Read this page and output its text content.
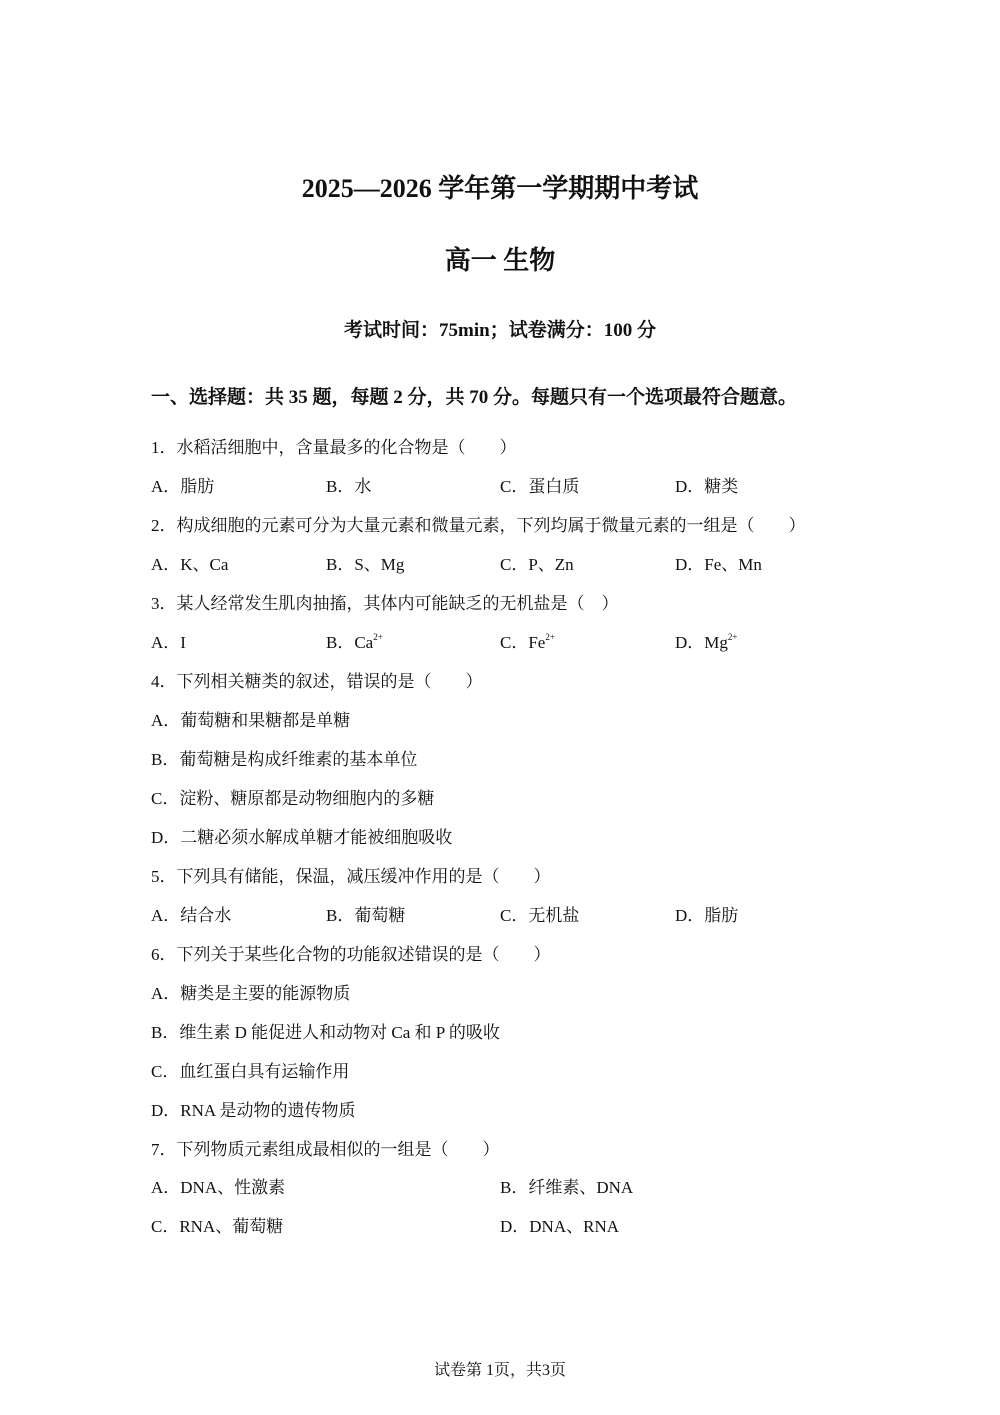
2025—2026 学年第一学期期中考试
高一 生物
考试时间：75min；试卷满分：100 分
一、选择题：共 35 题，每题 2 分，共 70 分。每题只有一个选项最符合题意。
1．水稻活细胞中，含量最多的化合物是（　　）
A．脂肪	B．水	C．蛋白质	D．糖类
2．构成细胞的元素可分为大量元素和微量元素，下列均属于微量元素的一组是（　　）
A．K、Ca	B．S、Mg	C．P、Zn	D．Fe、Mn
3．某人经常发生肌肉抽搐，其体内可能缺乏的无机盐是（　）
A．I	B．$Ca^{2+}$	C．$Fe^{2+}$	D．$Mg^{2+}$
4．下列相关糖类的叙述，错误的是（　　）
A．葡萄糖和果糖都是单糖
B．葡萄糖是构成纤维素的基本单位
C．淀粉、糖原都是动物细胞内的多糖
D．二糖必须水解成单糖才能被细胞吸收
5．下列具有储能，保温，减压缓冲作用的是（　　）
A．结合水	B．葡萄糖	C．无机盐	D．脂肪
6．下列关于某些化合物的功能叙述错误的是（　　）
A．糖类是主要的能源物质
B．维生素 D 能促进人和动物对 Ca 和 P 的吸收
C．血红蛋白具有运输作用
D．RNA 是动物的遗传物质
7．下列物质元素组成最相似的一组是（　　）
A．DNA、性激素	B．纤维素、DNA
C．RNA、葡萄糖	D．DNA、RNA
试卷第 1页，共3页
